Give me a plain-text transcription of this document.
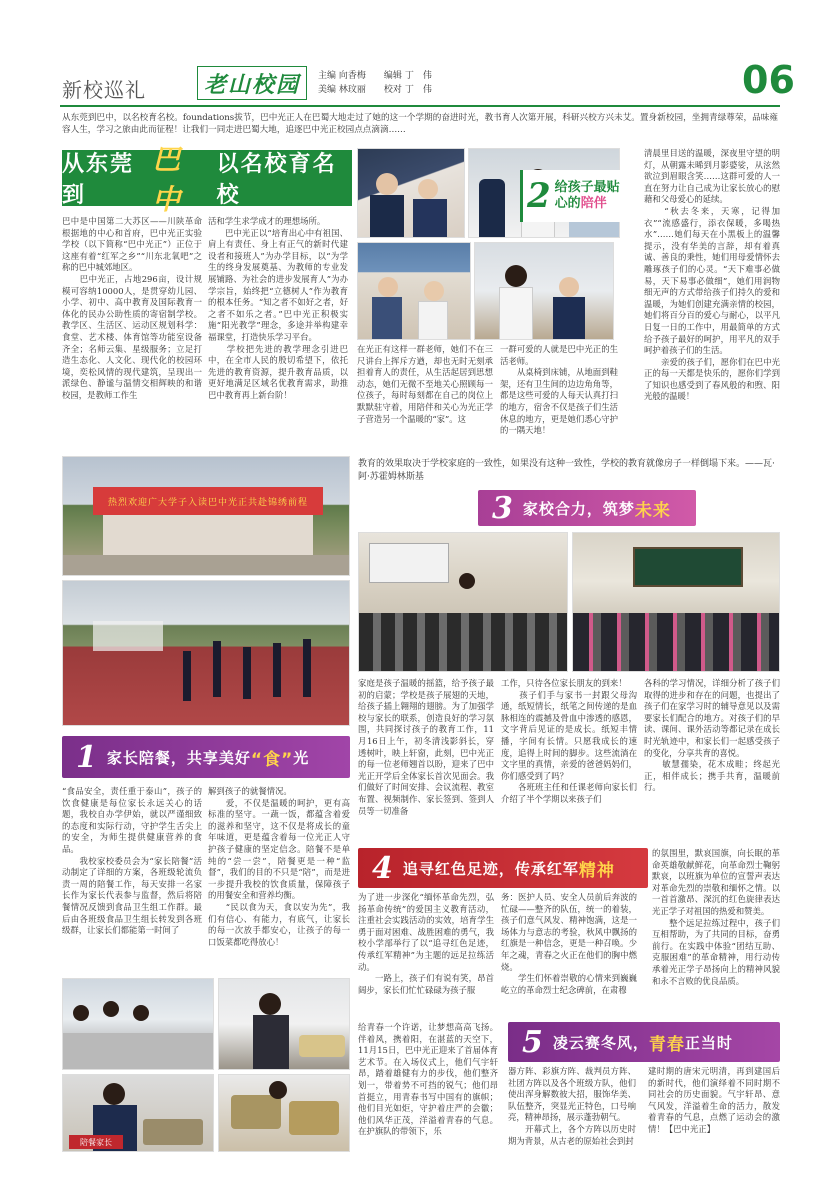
新校巡礼	老山校园 主编 向香梅　　 编辑 丁　伟
美编 林玟丽　　 校对 丁　伟	06
从东莞到巴中，以名校育名校。foundations拔节，巴中光正人在巴蜀大地走过了她的这一个学期的奋进时光，教书育人次第开展，科研兴校方兴未艾。置身新校园，坐拥青绿尊荣，品味雍容人生，学习之旅由此而征程！让我们一同走进巴蜀大地，追逐巴中光正校园点点滴滴……
从东莞到
巴中
以名校育名校
巴中是中国第二大苏区——川陕革命根据地的中心和首府，巴中光正实验学校（以下简称“巴中光正”）正位于这座有着“红军之乡”“川东北氧吧”之称的巴中城郊地区。
　　巴中光正，占地296亩，设计规模可容纳10000人，是贯穿幼儿园、小学、初中、高中教育及国际教育一体化的民办公助性质的寄宿制学校。教学区、生活区、运动区规划科学：食堂、艺术楼、体育馆等功能室设备齐全；名师云集、星级服务；立足打造生态化、人文化、现代化的校园环境，奕松风情的现代建筑，呈现出一派绿色、静谧与温情交相辉映的和谐校园，是教师工作生
活和学生求学成才的理想场所。
　　巴中光正以“培育出心中有祖国、肩上有责任、身上有正气的新时代建设者和接班人”为办学目标，以“为学生的终身发展奠基、为教师的专业发展铺路、为社会的进步发展育人”为办学宗旨，始终把“立德树人”作为教育的根本任务。“知之者不如好之者，好之者不如乐之者。”巴中光正积极实施“阳光教学”理念，多途并举构建幸福课堂，打造快乐学习平台。
　　学校把先进的教学理念引进巴中，在全市人民的殷切希望下，依托先进的教育资源，提升教育品质，以更好地满足区域名优教育需求，助推巴中教育再上新台阶！
2 给孩子最贴
心的陪伴
在光正有这样一群老师，她们不在三尺讲台上挥斥方遒，却也无时无刻承担着育人的责任，从生活起居到思想动态，她们无微不至地关心照顾每一位孩子，每时每刻都在自己的岗位上默默驻守着，用陪伴和关心为光正学子营造另一个温暖的“家”。这
一群可爱的人就是巴中光正的生活老师。
　　从桌椅到床铺，从地面到鞋架，还有卫生间的边边角角等，都是这些可爱的人每天认真打扫的地方，宿舍不仅是孩子们生活休息的地方，更是她们悉心守护的一隅天地！
清晨里目送的温暖，深夜里守望的明灯，从朝露未晞到月影婆娑，从泫然欲泣到眉眼含笑……这群可爱的人一直在努力让自己成为让家长放心的慰藉和父母爱心的延续。
　　“秋去冬来，天寒，记得加衣”“流感盛行，添衣保暖，多喝热水”……她们每天在小黑板上的温馨提示，没有华美的言辞，却有着真诚、善良的秉性，她们用母爱情怀去雕琢孩子们的心灵。“天下难事必做易，天下易事必做细”，她们用润物细无声的方式带给孩子们持久的爱和温暖，为她们创建充满亲情的校园，她们将百分百的爱心与耐心，以平凡日复一日的工作中，用最简单的方式给予孩子最好的呵护，用平凡的双手呵护着孩子们的生活。
　　亲爱的孩子们，愿你们在巴中光正的每一天都是快乐的，愿你们学到了知识也感受到了春风般的和煦、阳光般的温暖！
热烈欢迎广大学子入读巴中光正共赴锦绣前程
教育的效果取决于学校家庭的一致性，如果没有这种一致性，学校的教育就像房子一样倒塌下来。——瓦·阿·苏霍姆林斯基
3 家校合力，筑梦 未来
家庭是孩子温暖的摇篮，给予孩子最初的启蒙；学校是孩子展翅的天地，给孩子插上翱翔的翅膀。为了加强学校与家长的联系，创造良好的学习氛围，共同探讨孩子的教育工作，11月16日上午，初冬清浅影斜长，穿透树叶，映上轩窗，此刻，巴中光正的每一位老师翘首以盼，迎来了巴中光正开学后全体家长首次见面会。我们做好了时间安排、会议流程、教室布置、视频制作、家长签到、签到人员等一切准备
工作，只待各位家长朋友的到来！
　　孩子们手与家书一封跟父母沟通，纸短情长，纸笔之间传递的是血脉相连的震撼及骨血中渗透的感恩，文字背后见证的是成长。纸短丰情播，字间有长情。只愿我成长的速度，追得上时间的脚步。这些流淌在文字里的真情，亲爱的爸爸妈妈们，你们感受到了吗？
　　各班班主任和任课老师向家长们介绍了半个学期以来孩子们
各科的学习情况，详细分析了孩子们取得的进步和存在的问题，也提出了孩子们在家学习时的辅导意见以及需要家长们配合的地方。对孩子们的早读、课间、课外活动等都记录在成长时光轨迹中，和家长们一起感受孩子的变化，分享共育的喜悦。
　　敏慧孺染，花木成畦；终起光正，相伴成长；携手共育，温暖前行。
1 家长陪餐，共享美好 “食” 光
“食品安全，责任重于泰山”，孩子的饮食健康是每位家长永远关心的话题，我校自办学伊始，就以严谨细致的态度和实际行动，守护学生舌尖上的安全，为师生提供健康营养的食品。
　　我校家校委员会为“家长陪餐”活动制定了详细的方案，各班级轮流负责一周的陪餐工作，每天安排一名家长作为家长代表参与监督，然后将陪餐情况反馈到食品卫生组工作群。最后由各班级食品卫生组长转发到各班级群，让家长们都能第一时间了
解到孩子的就餐情况。
　　爱，不仅是温暖的呵护，更有高标准的坚守。一蔬一饭，都蕴含着爱的滋养和坚守，这不仅是将成长的童年味道，更是蕴含着每一位光正人守护孩子健康的坚定信念。陪餐不是单纯的“尝一尝”，陪餐更是一种“监督”，我们的目的不只是“陪”，而是进一步提升我校的饮食质量，保障孩子的用餐安全和营养均衡。
　　“民以食为天，食以安为先”，我们有信心、有能力，有底气，让家长的每一次放手都安心，让孩子的每一口饭菜都吃得放心！
陪餐家长
4 追寻红色足迹，传承红军 精神
为了进一步深化“缅怀革命先烈，弘扬革命传统”的爱国主义教育活动，注重社会实践活动的实效，培育学生勇于面对困难、战胜困难的勇气，我校小学部举行了以“追寻红色足迹，传承红军精神”为主题的远足拉练活动。
　　一路上，孩子们有说有笑，昂首阔步，家长们忙忙碌碌为孩子服
务：医护人员、安全人员前后奔波的忙碌——整齐的队伍，统一的着装，孩子们意气风发、精神饱满，这是一场体力与意志的考验，秋风中飘扬的红旗是一种信念，更是一种召唤。少年之魂，青春之火正在他们的胸中燃烧。
　　学生们怀着崇敬的心情来到巍巍屹立的革命烈士纪念碑前，在肃穆
的氛围里，默哀国旗，向长眠的革命英雄敬献鲜花，向革命烈士鞠躬默哀，以班旗为单位的宣誓声表达对革命先烈的崇敬和缅怀之情。以一首首激昂、深沉的红色旋律表达光正学子对祖国的热爱和赞美。
　　整个远足拉练过程中，孩子们互相帮助，为了共同的目标，奋勇前行。在实践中体验“团结互助、克服困难”的革命精神，用行动传承着光正学子昂扬向上的精神风貌和永不言败的优良品质。
5 凌云赛冬风， 青春 正当时
给青春一个许诺，让梦想高高飞扬。伴着风，携着阳，在湛蓝的天空下，11月15日，巴中光正迎来了首届体育艺术节。在入场仪式上，他们气宇轩昂，踏着雄健有力的步伐，他们整齐划一，带着势不可挡的锐气；他们昂首挺立，用青春书写中国有的旗帜；他们目光如炬，守护着庄严的会徽；他们风华正茂，洋溢着青春的气息。在护旗队的带领下，乐
器方阵、彩旗方阵、裁判员方阵、社团方阵以及各个班级方队，他们使出浑身解数彼大招，服饰华美、队伍整齐，突显光正特色，口号响亮，精神昂扬，展示蓬勃朝气。
　　开幕式上，各个方阵以历史时期为背景，从古老的原始社会到封
建时期的唐宋元明清，再到建国后的新时代，他们演绎着不同时期不同社会的历史面貌。气宇轩昂、意气风发，洋溢着生命的活力，散发着青春的气息，点燃了运动会的激情！【巴中光正】
